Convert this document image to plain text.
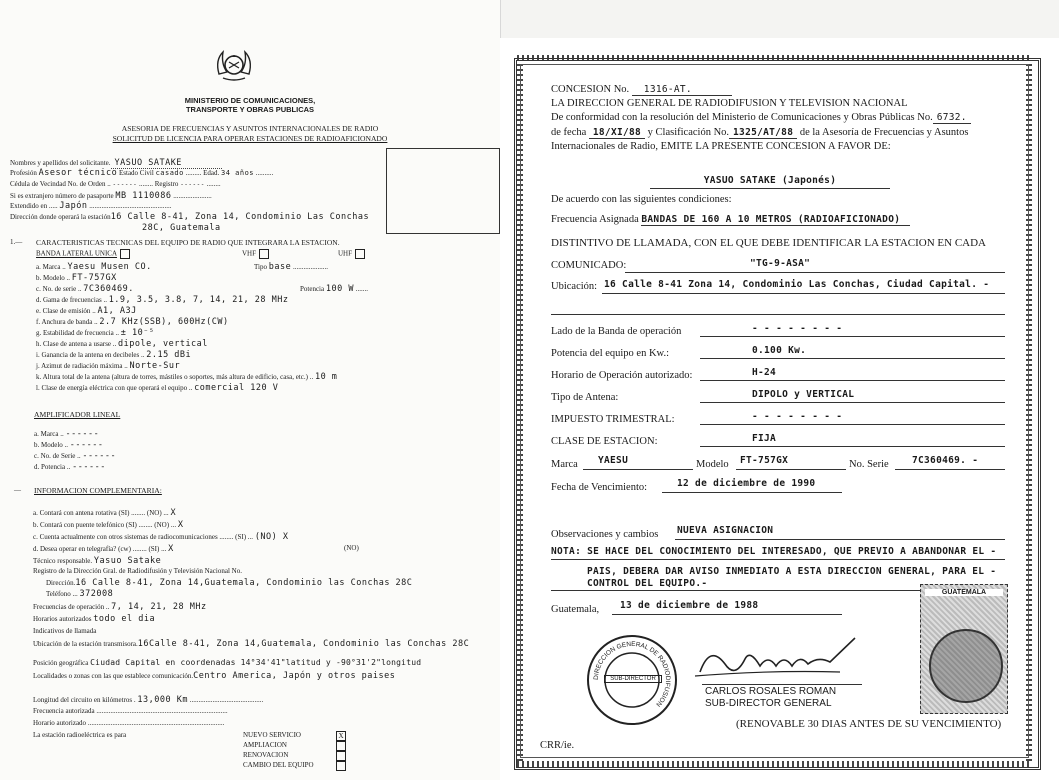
MINISTERIO DE COMUNICACIONES,
TRANSPORTE Y OBRAS PUBLICAS
ASESORIA DE FRECUENCIAS Y ASUNTOS INTERNACIONALES DE RADIO
SOLICITUD DE LICENCIA PARA OPERAR ESTACIONES DE RADIOAFICIONADO
Nombres y apellidos del solicitante. YASUO SATAKE
Profesión Asesor técnico Estado Civil casado ......... Edad. 34 años ..........
Cédula de Vecindad No. de Orden .. ------ ........ Registro ------ ........
Si es extranjero número de pasaporte MB 1110086 ......................
Extendido en ..... Japón ...............................................
Dirección donde operará la estación16 Calle 8-41, Zona 14, Condominio Las Conchas
28C, Guatemala
1.— CARACTERISTICAS TECNICAS DEL EQUIPO DE RADIO QUE INTEGRARA LA ESTACION.
BANDA LATERAL UNICA	VHF	UHF
a. Marca .. Yaesu Musen CO.
b. Modelo .. FT-757GX
c. No. de serie .. 7C360469.
d. Gama de frecuencias .. 1.9, 3.5, 3.8, 7, 14, 21, 28 MHz
e. Clase de emisión .. A1, A3J
f. Anchura de banda .. 2.7 KHz(SSB), 600Hz(CW)
g. Estabilidad de frecuencia .. ± 10⁻⁵
h. Clase de antena a usarse .. dipole, vertical
i. Ganancia de la antena en decibeles .. 2.15 dBi
j. Azimut de radiación máxima .. Norte-Sur
k. Altura total de la antena (altura de torres, mástiles o soportes, más altura de edificio, casa, etc.) .. 10 m
l. Clase de energía eléctrica con que operará el equipo .. comercial 120 V
Tipo base ....................
Potencia 100 W .......
AMPLIFICADOR LINEAL
a. Marca .. ------
b. Modelo .. ------
c. No. de Serie .. ------
d. Potencia .. ------
— INFORMACION COMPLEMENTARIA:
a. Contará con antena rotativa (SI) ........ (NO) ... X
b. Contará con puente telefónico (SI) ........ (NO) ... X
c. Cuenta actualmente con otros sistemas de radiocomunicaciones ........ (SI) ... (NO) X
d. Desea operar en telegrafía? (cw) ........ (SI) ... X	(NO)
Técnico responsable. Yasuo Satake
Registro de la Dirección Gral. de Radiodifusión y Televisión Nacional No.
Dirección.16 Calle 8-41, Zona 14,Guatemala, Condominio las Conchas 28C
Teléfono ... 372008
Frecuencias de operación .. 7, 14, 21, 28 MHz
Horarios autorizados todo el dia
Indicativos de llamada
Ubicación de la estación transmisora.16Calle 8-41, Zona 14,Guatemala, Condominio las Conchas 28C
Posición geográfica Ciudad Capital en coordenadas 14°34'41"latitud y -90°31'2"longitud
Localidades o zonas con las que establece comunicación.Centro America, Japón y otros paises
Longitud del circuito en kilómetros . 13,000 Km ..........................................
Frecuencia autorizada ...........................................................................
Horario autorizado ..............................................................................
La estación radioeléctrica es para	NUEVO SERVICIO	X
AMPLIACION
RENOVACION
CAMBIO DEL EQUIPO
CONCESION No. 1316-AT.
LA DIRECCION GENERAL DE RADIODIFUSION Y TELEVISION NACIONAL
De conformidad con la resolución del Ministerio de Comunicaciones y Obras Públicas No. 6732.
de fecha 18/XI/88 y Clasificación No. 1325/AT/88 de la Asesoría de Frecuencias y Asuntos
Internacionales de Radio, EMITE LA PRESENTE CONCESION A FAVOR DE:
YASUO SATAKE (Japonés)
De acuerdo con las siguientes condiciones:
Frecuencia Asignada BANDAS DE 160 A 10 METROS (RADIOAFICIONADO)
DISTINTIVO DE LLAMADA, CON EL QUE DEBE IDENTIFICAR LA ESTACION EN CADA
COMUNICADO:	"TG-9-ASA"
Ubicación: 16 Calle 8-41 Zona 14, Condominio Las Conchas, Ciudad Capital. -
Lado de la Banda de operación	- - - - - - - -
Potencia del equipo en Kw.:	0.100 Kw.
Horario de Operación autorizado:	H-24
Tipo de Antena:	DIPOLO y VERTICAL
IMPUESTO TRIMESTRAL:	- - - - - - - -
CLASE DE ESTACION:	FIJA
Marca YAESU	Modelo FT-757GX	No. Serie 7C360469. -
Fecha de Vencimiento:	12 de diciembre de 1990
Observaciones y cambios NUEVA ASIGNACION
NOTA: SE HACE DEL CONOCIMIENTO DEL INTERESADO, QUE PREVIO A ABANDONAR EL -
PAIS, DEBERA DAR AVISO INMEDIATO A ESTA DIRECCION GENERAL, PARA EL -
CONTROL DEL EQUIPO.-
Guatemala, 13 de diciembre de 1988
DIRECCION GENERAL DE RADIODIFUSION
SUB-DIRECTOR
CARLOS ROSALES ROMAN
SUB-DIRECTOR GENERAL
GUATEMALA
(RENOVABLE 30 DIAS ANTES DE SU VENCIMIENTO)
CRR/ie.
